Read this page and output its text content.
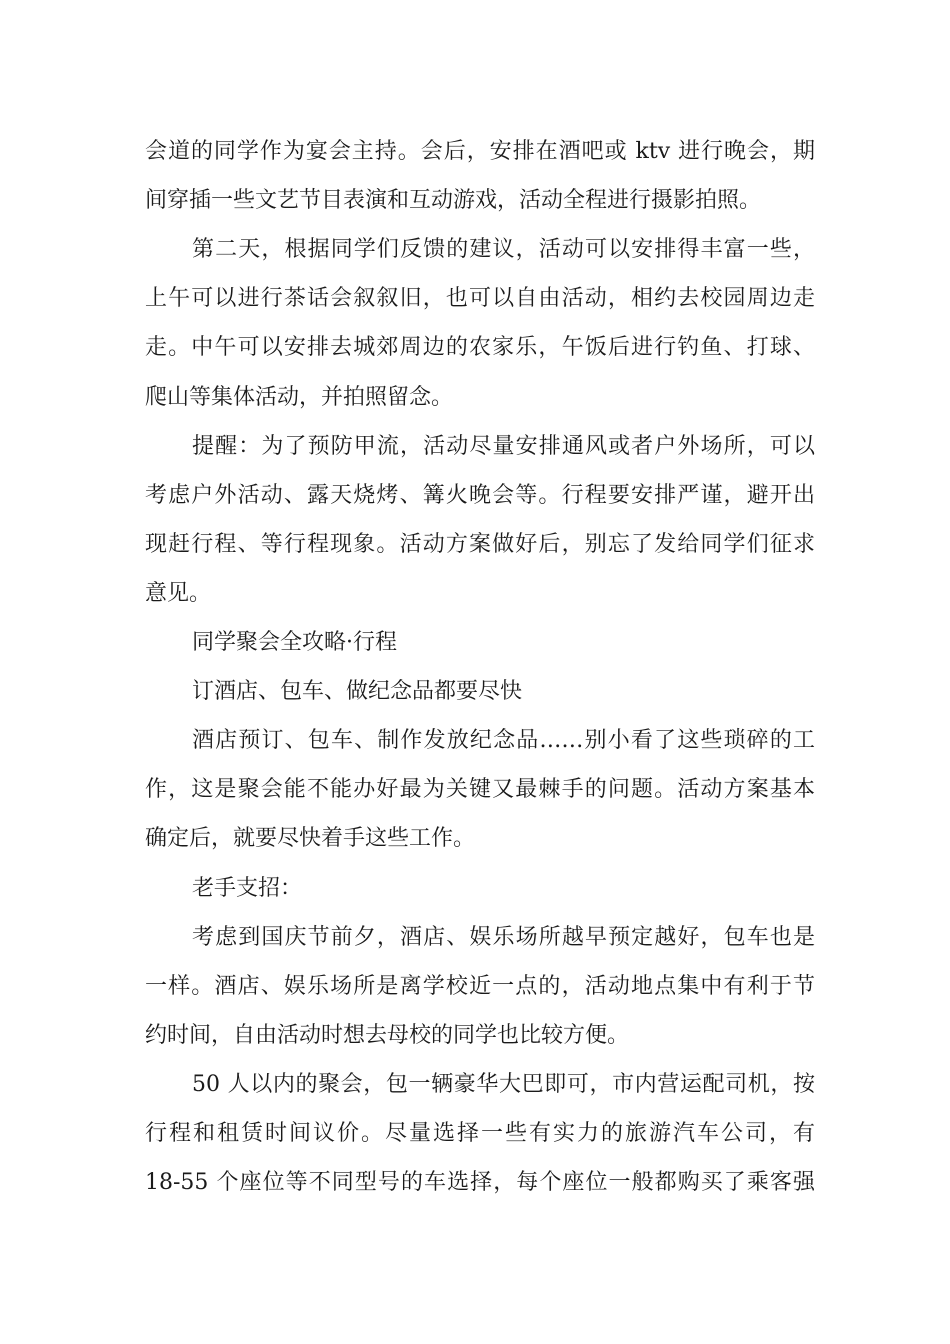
会道的同学作为宴会主持。会后，安排在酒吧或 ktv 进行晚会，期
间穿插一些文艺节目表演和互动游戏，活动全程进行摄影拍照。
第二天，根据同学们反馈的建议，活动可以安排得丰富一些，
上午可以进行茶话会叙叙旧，也可以自由活动，相约去校园周边走
走。中午可以安排去城郊周边的农家乐，午饭后进行钓鱼、打球、
爬山等集体活动，并拍照留念。
提醒：为了预防甲流，活动尽量安排通风或者户外场所，可以
考虑户外活动、露天烧烤、篝火晚会等。行程要安排严谨，避开出
现赶行程、等行程现象。活动方案做好后，别忘了发给同学们征求
意见。
同学聚会全攻略·行程
订酒店、包车、做纪念品都要尽快
酒店预订、包车、制作发放纪念品……别小看了这些琐碎的工
作，这是聚会能不能办好最为关键又最棘手的问题。活动方案基本
确定后，就要尽快着手这些工作。
老手支招：
考虑到国庆节前夕，酒店、娱乐场所越早预定越好，包车也是
一样。酒店、娱乐场所是离学校近一点的，活动地点集中有利于节
约时间，自由活动时想去母校的同学也比较方便。
50 人以内的聚会，包一辆豪华大巴即可，市内营运配司机，按
行程和租赁时间议价。尽量选择一些有实力的旅游汽车公司，有
18-55 个座位等不同型号的车选择，每个座位一般都购买了乘客强
